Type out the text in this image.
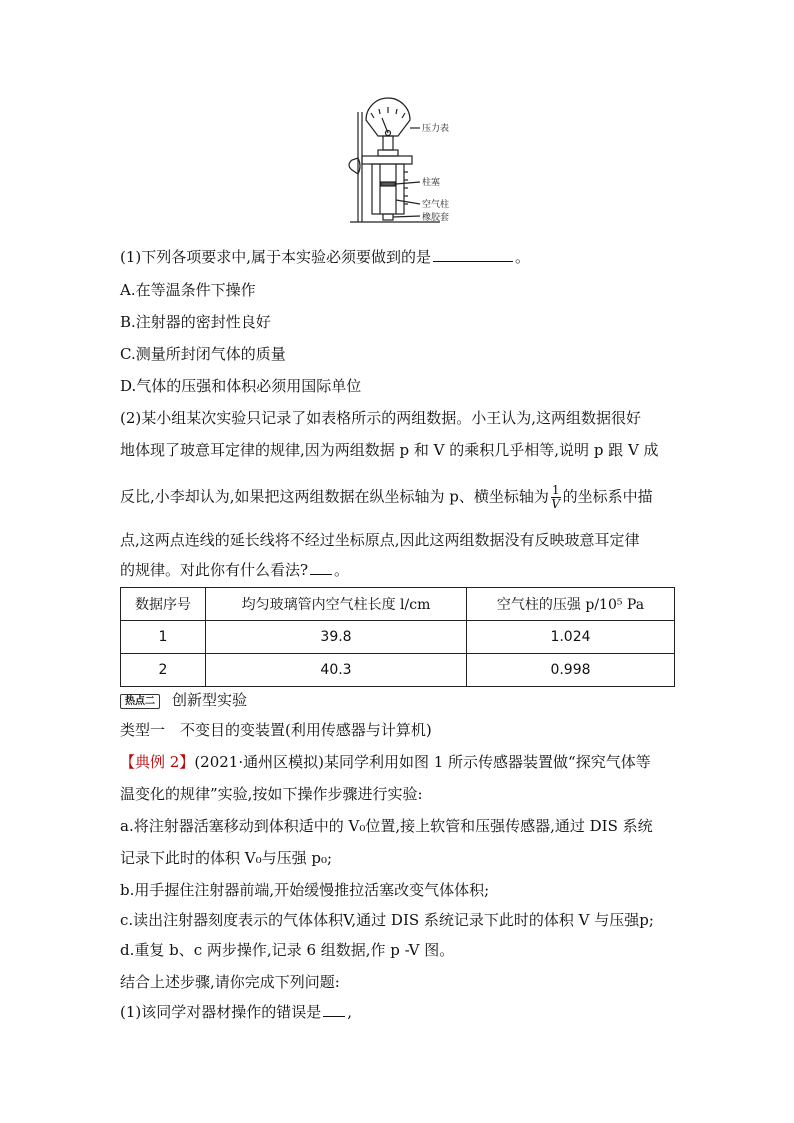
压力表
柱塞
空气柱
橡胶套
(1)下列各项要求中,属于本实验必须要做到的是	。
A.在等温条件下操作
B.注射器的密封性良好
C.测量所封闭气体的质量
D.气体的压强和体积必须用国际单位
(2)某小组某次实验只记录了如表格所示的两组数据。小王认为,这两组数据很好
地体现了玻意耳定律的规律,因为两组数据 p 和 V 的乘积几乎相等,说明 p 跟 V 成
反比,小李却认为,如果把这两组数据在纵坐标轴为 p、横坐标轴为 $\frac{1}{V}$ 的坐标系中描
点,这两点连线的延长线将不经过坐标原点,因此这两组数据没有反映玻意耳定律
的规律。对此你有什么看法? 。
数据序号	均匀玻璃管内空气柱长度 l/cm	空气柱的压强 p/10⁵ Pa
1	39.8	1.024
2	40.3	0.998
热点二 创新型实验
类型一　不变目的变装置(利用传感器与计算机)
【典例 2】(2021·通州区模拟)某同学利用如图 1 所示传感器装置做“探究气体等
温变化的规律”实验,按如下操作步骤进行实验:
a.将注射器活塞移动到体积适中的 V₀位置,接上软管和压强传感器,通过 DIS 系统
记录下此时的体积 V₀与压强 p₀;
b.用手握住注射器前端,开始缓慢推拉活塞改变气体体积;
c.读出注射器刻度表示的气体体积V,通过 DIS 系统记录下此时的体积 V 与压强p;
d.重复 b、c 两步操作,记录 6 组数据,作 p -V 图。
结合上述步骤,请你完成下列问题:
(1)该同学对器材操作的错误是 ,
